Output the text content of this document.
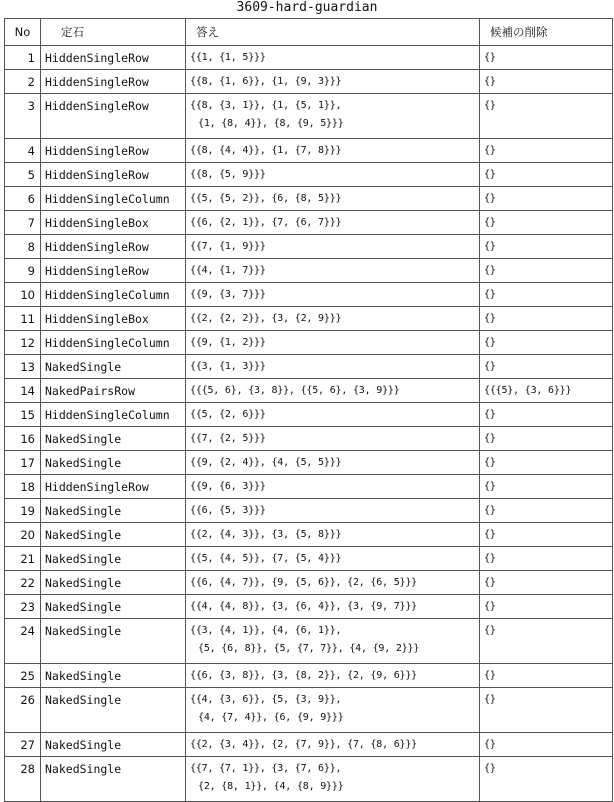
3609-hard-guardian
No	定石	答え	候補の削除

1	HiddenSingleRow	{{1, {1, 5}}}	{}

2	HiddenSingleRow	{{8, {1, 6}}, {1, {9, 3}}}	{}

3	HiddenSingleRow	{{8, {3, 1}}, {1, {5, 1}},
{1, {8, 4}}, {8, {9, 5}}}	{}

4	HiddenSingleRow	{{8, {4, 4}}, {1, {7, 8}}}	{}

5	HiddenSingleRow	{{8, {5, 9}}}	{}

6	HiddenSingleColumn	{{5, {5, 2}}, {6, {8, 5}}}	{}

7	HiddenSingleBox	{{6, {2, 1}}, {7, {6, 7}}}	{}

8	HiddenSingleRow	{{7, {1, 9}}}	{}

9	HiddenSingleRow	{{4, {1, 7}}}	{}

10	HiddenSingleColumn	{{9, {3, 7}}}	{}

11	HiddenSingleBox	{{2, {2, 2}}, {3, {2, 9}}}	{}

12	HiddenSingleColumn	{{9, {1, 2}}}	{}

13	NakedSingle	{{3, {1, 3}}}	{}

14	NakedPairsRow	{{{5, 6}, {3, 8}}, {{5, 6}, {3, 9}}}	{{{5}, {3, 6}}}

15	HiddenSingleColumn	{{5, {2, 6}}}	{}

16	NakedSingle	{{7, {2, 5}}}	{}

17	NakedSingle	{{9, {2, 4}}, {4, {5, 5}}}	{}

18	HiddenSingleRow	{{9, {6, 3}}}	{}

19	NakedSingle	{{6, {5, 3}}}	{}

20	NakedSingle	{{2, {4, 3}}, {3, {5, 8}}}	{}

21	NakedSingle	{{5, {4, 5}}, {7, {5, 4}}}	{}

22	NakedSingle	{{6, {4, 7}}, {9, {5, 6}}, {2, {6, 5}}}	{}

23	NakedSingle	{{4, {4, 8}}, {3, {6, 4}}, {3, {9, 7}}}	{}

24	NakedSingle	{{3, {4, 1}}, {4, {6, 1}},
{5, {6, 8}}, {5, {7, 7}}, {4, {9, 2}}}	{}

25	NakedSingle	{{6, {3, 8}}, {3, {8, 2}}, {2, {9, 6}}}	{}

26	NakedSingle	{{4, {3, 6}}, {5, {3, 9}},
{4, {7, 4}}, {6, {9, 9}}}	{}

27	NakedSingle	{{2, {3, 4}}, {2, {7, 9}}, {7, {8, 6}}}	{}

28	NakedSingle	{{7, {7, 1}}, {3, {7, 6}},
{2, {8, 1}}, {4, {8, 9}}}	{}
